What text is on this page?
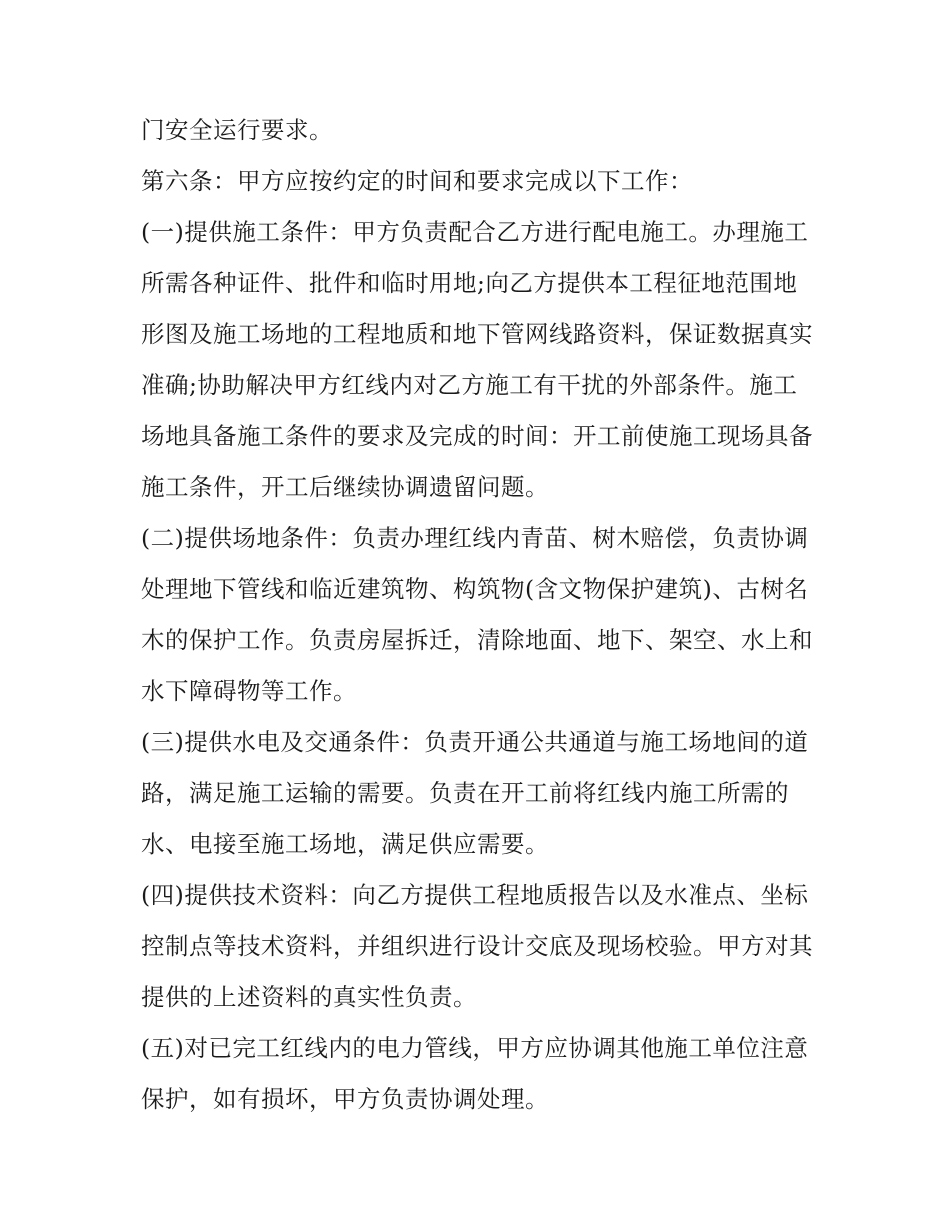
门安全运行要求。

第六条：甲方应按约定的时间和要求完成以下工作：

(一)提供施工条件：甲方负责配合乙方进行配电施工。办理施工所需各种证件、批件和临时用地;向乙方提供本工程征地范围地形图及施工场地的工程地质和地下管网线路资料，保证数据真实准确;协助解决甲方红线内对乙方施工有干扰的外部条件。施工场地具备施工条件的要求及完成的时间：开工前使施工现场具备施工条件，开工后继续协调遗留问题。

(二)提供场地条件：负责办理红线内青苗、树木赔偿，负责协调处理地下管线和临近建筑物、构筑物(含文物保护建筑)、古树名木的保护工作。负责房屋拆迁，清除地面、地下、架空、水上和水下障碍物等工作。

(三)提供水电及交通条件：负责开通公共通道与施工场地间的道路，满足施工运输的需要。负责在开工前将红线内施工所需的水、电接至施工场地，满足供应需要。

(四)提供技术资料：向乙方提供工程地质报告以及水准点、坐标控制点等技术资料，并组织进行设计交底及现场校验。甲方对其提供的上述资料的真实性负责。

(五)对已完工红线内的电力管线，甲方应协调其他施工单位注意保护，如有损坏，甲方负责协调处理。
